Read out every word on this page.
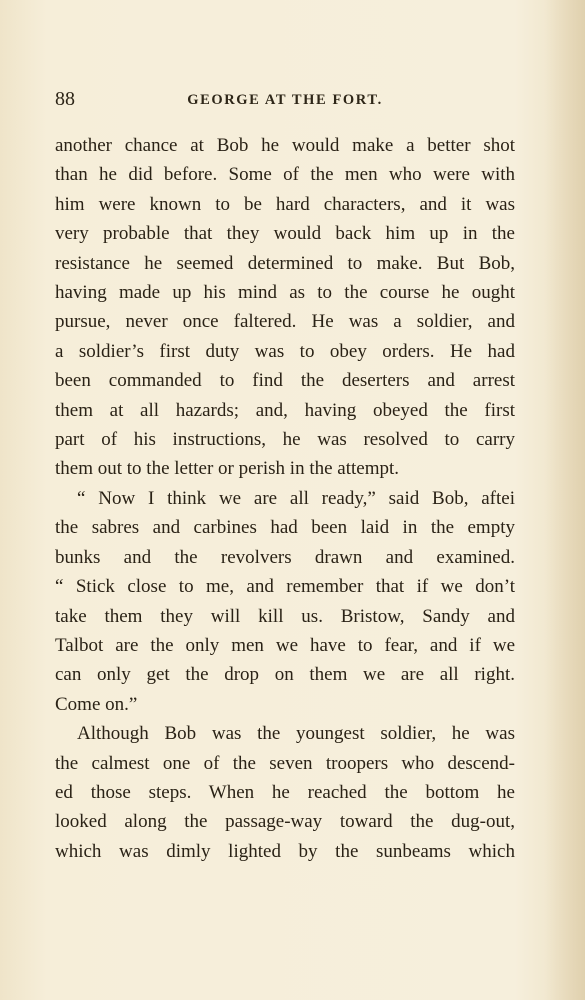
88	GEORGE AT THE FORT.
another chance at Bob he would make a better shot
than he did before. Some of the men who were with
him were known to be hard characters, and it was
very probable that they would back him up in the
resistance he seemed determined to make. But Bob,
having made up his mind as to the course he ought
pursue, never once faltered. He was a soldier, and
a soldier’s first duty was to obey orders. He had
been commanded to find the deserters and arrest
them at all hazards; and, having obeyed the first
part of his instructions, he was resolved to carry
them out to the letter or perish in the attempt.
“ Now I think we are all ready,” said Bob, aftei
the sabres and carbines had been laid in the empty
bunks and the revolvers drawn and examined.
“ Stick close to me, and remember that if we don’t
take them they will kill us. Bristow, Sandy and
Talbot are the only men we have to fear, and if we
can only get the drop on them we are all right.
Come on.”
Although Bob was the youngest soldier, he was
the calmest one of the seven troopers who descend-
ed those steps. When he reached the bottom he
looked along the passage-way toward the dug-out,
which was dimly lighted by the sunbeams which
